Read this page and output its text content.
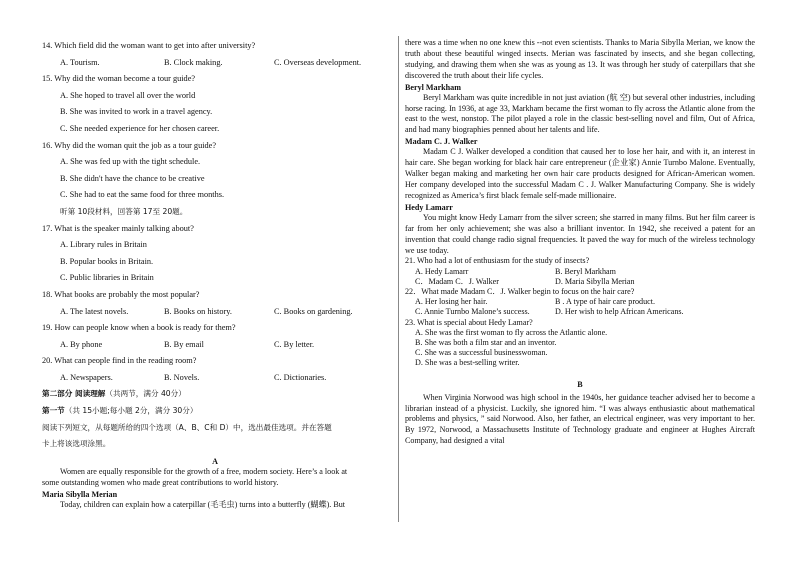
14. Which field did the woman want to get into after university?
A. Tourism.	B. Clock making.	C. Overseas development.
15. Why did the woman become a tour guide?
A. She hoped to travel all over the world
B. She was invited to work in a travel agency.
C. She needed experience for her chosen career.
16. Why did the woman quit the job as a tour guide?
A. She was fed up with the tight schedule.
B. She didn't have the chance to be creative
C. She had to eat the same food for three months.
听第 10段材料，回答第 17至 20题。
17. What is the speaker mainly talking about?
A. Library rules in Britain
B. Popular books in Britain.
C. Public libraries in Britain
18. What books are probably the most popular?
A. The latest novels.	B. Books on history.	C. Books on gardening.
19. How can people know when a book is ready for them?
A. By phone	B. By email	C. By letter.
20. What can people find in the reading room?
A. Newspapers.	B. Novels.	C. Dictionaries.
第二部分 阅读理解（共两节，满分 40分）
第一节（共 15小题;每小题 2分，满分 30分）
阅读下列短文，从每题所给的四个选项（A、B、C和 D）中，选出最佳选项。并在答题
卡上将该选项涂黑。
A
Women are equally responsible for the growth of a free, modern society. Here’s a look at
some outstanding women who made great contributions to world history.
Maria Sibylla Merian
Today, children can explain how a caterpillar (毛毛虫) turns into a butterfly (蝴蝶). But

there was a time when no one knew this --not even scientists. Thanks to Maria Sibylla Merian, we know the truth about these beautiful winged insects. Merian was fascinated by insects, and she began collecting, studying, and drawing them when she was as young as 13. It was through her study of caterpillars that she discovered the truth about their life cycles.

Beryl Markham

Beryl Markham was quite incredible in not just aviation (航 空) but several other industries, including horse racing. In 1936, at age 33, Markham became the first woman to fly across the Atlantic alone from the east to the west, nonstop. The pilot played a role in the classic best-selling novel and film, Out of Africa, and had many biographies penned about her talents and life.

Madam C. J. Walker

Madam C J. Walker developed a condition that caused her to lose her hair, and with it, an interest in hair care. She began working for black hair care entrepreneur (企业家) Annie Turnbo Malone. Eventually, Walker began making and marketing her own hair care products designed for African-American women. Her company developed into the successful Madam C . J. Walker Manufacturing Company. She is widely recognized as America’s first black female self-made millionaire.

Hedy Lamarr

You might know Hedy Lamarr from the silver screen; she starred in many films. But her film career is far from her only achievement; she was also a brilliant inventor. In 1942, she received a patent for an invention that could change radio signal frequencies. It paved the way for much of the wireless technology we use today.

21. Who had a lot of enthusiasm for the study of insects?
A. Hedy Lamarr	B. Beryl Markham
C．Madam C．J. Walker	D. Maria Sibylla Merian
22．What made Madam C．J. Walker begin to focus on the hair care?
A. Her losing her hair.	B . A type of hair care product.
C. Annie Turnbo Malone’s success.	D. Her wish to help African Americans.
23. What is special about Hedy Lamar?
A. She was the first woman to fly across the Atlantic alone.
B. She was both a film star and an inventor.
C. She was a successful businesswoman.
D. She was a best-selling writer.
B

When Virginia Norwood was high school in the 1940s, her guidance teacher advised her to become a librarian instead of a physicist. Luckily, she ignored him. “I was always enthusiastic about mathematical problems and physics, ” said Norwood. Also, her father, an electrical engineer, was very important to her. By 1972, Norwood, a Massachusetts Institute of Technology graduate and engineer at Hughes Aircraft Company, had designed a vital
